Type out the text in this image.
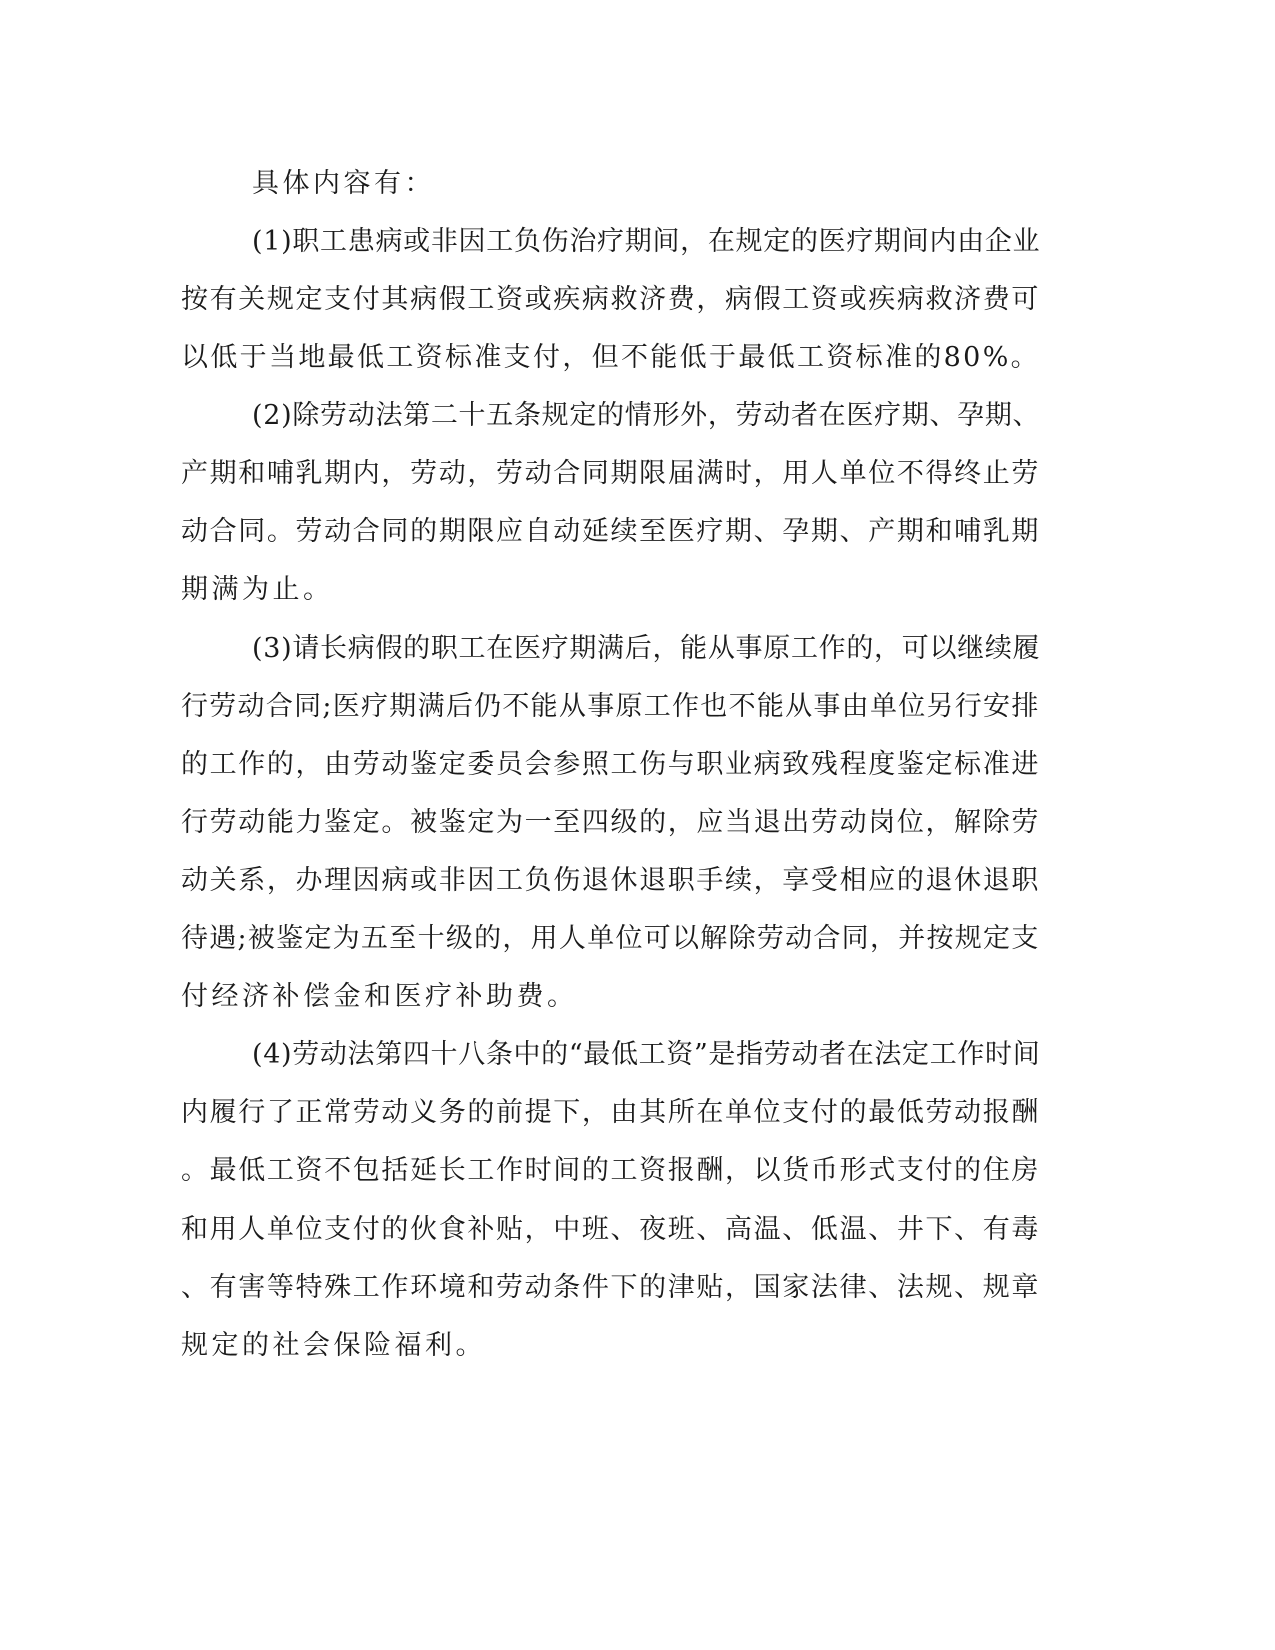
具体内容有：
(1)职工患病或非因工负伤治疗期间，在规定的医疗期间内由企业
按有关规定支付其病假工资或疾病救济费，病假工资或疾病救济费可
以低于当地最低工资标准支付，但不能低于最低工资标准的80%。
(2)除劳动法第二十五条规定的情形外，劳动者在医疗期、孕期、
产期和哺乳期内，劳动，劳动合同期限届满时，用人单位不得终止劳
动合同。劳动合同的期限应自动延续至医疗期、孕期、产期和哺乳期
期满为止。
(3)请长病假的职工在医疗期满后，能从事原工作的，可以继续履
行劳动合同;医疗期满后仍不能从事原工作也不能从事由单位另行安排
的工作的，由劳动鉴定委员会参照工伤与职业病致残程度鉴定标准进
行劳动能力鉴定。被鉴定为一至四级的，应当退出劳动岗位，解除劳
动关系，办理因病或非因工负伤退休退职手续，享受相应的退休退职
待遇;被鉴定为五至十级的，用人单位可以解除劳动合同，并按规定支
付经济补偿金和医疗补助费。
(4)劳动法第四十八条中的“最低工资”是指劳动者在法定工作时间
内履行了正常劳动义务的前提下，由其所在单位支付的最低劳动报酬
。最低工资不包括延长工作时间的工资报酬，以货币形式支付的住房
和用人单位支付的伙食补贴，中班、夜班、高温、低温、井下、有毒
、有害等特殊工作环境和劳动条件下的津贴，国家法律、法规、规章
规定的社会保险福利。
